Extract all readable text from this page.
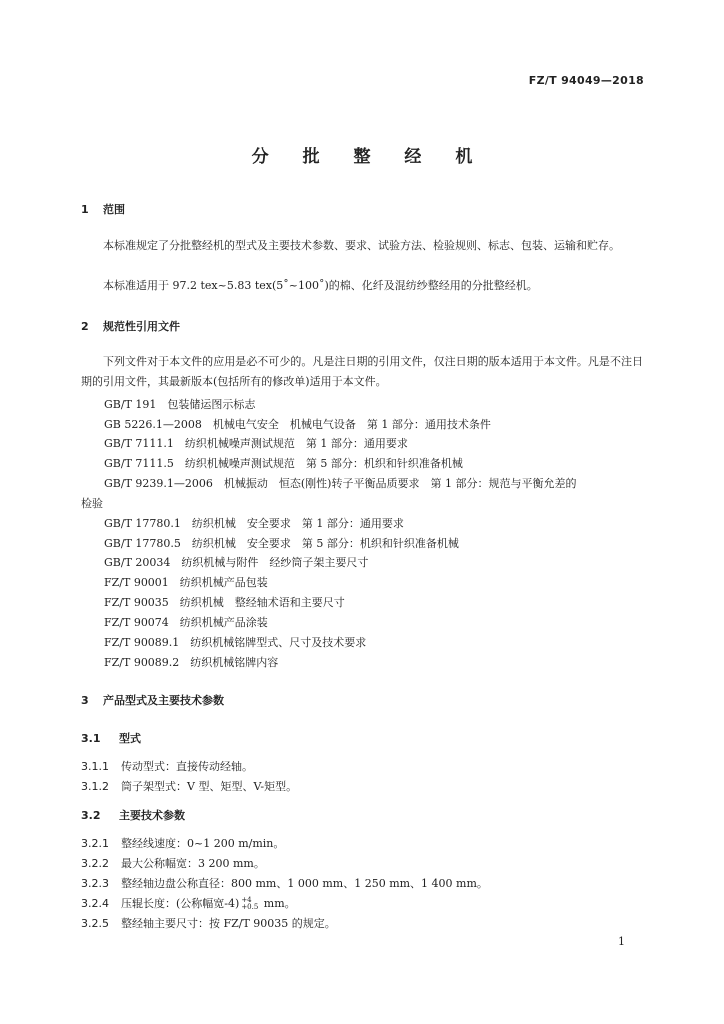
FZ/T 94049—2018
分 批 整 经 机
1 范围
本标准规定了分批整经机的型式及主要技术参数、要求、试验方法、检验规则、标志、包装、运输和贮存。
本标准适用于 97.2 tex~5.83 tex(5˚~100˚)的棉、化纤及混纺纱整经用的分批整经机。
2 规范性引用文件
下列文件对于本文件的应用是必不可少的。凡是注日期的引用文件，仅注日期的版本适用于本文件。凡是不注日期的引用文件，其最新版本(包括所有的修改单)适用于本文件。
GB/T 191　包装储运图示标志
GB 5226.1—2008　机械电气安全　机械电气设备　第 1 部分：通用技术条件
GB/T 7111.1　纺织机械噪声测试规范　第 1 部分：通用要求
GB/T 7111.5　纺织机械噪声测试规范　第 5 部分：机织和针织准备机械
GB/T 9239.1—2006　机械振动　恒态(刚性)转子平衡品质要求　第 1 部分：规范与平衡允差的
检验
GB/T 17780.1　纺织机械　安全要求　第 1 部分：通用要求
GB/T 17780.5　纺织机械　安全要求　第 5 部分：机织和针织准备机械
GB/T 20034　纺织机械与附件　经纱筒子架主要尺寸
FZ/T 90001　纺织机械产品包装
FZ/T 90035　纺织机械　整经轴术语和主要尺寸
FZ/T 90074　纺织机械产品涂装
FZ/T 90089.1　纺织机械铭牌型式、尺寸及技术要求
FZ/T 90089.2　纺织机械铭牌内容
3 产品型式及主要技术参数
3.1 型式
3.1.1 传动型式：直接传动经轴。
3.1.2 筒子架型式：V 型、矩型、V-矩型。
3.2 主要技术参数
3.2.1 整经线速度：0~1 200 m/min。
3.2.2 最大公称幅宽：3 200 mm。
3.2.3 整经轴边盘公称直径：800 mm、1 000 mm、1 250 mm、1 400 mm。
3.2.4 压辊长度：(公称幅宽-4) +4
+0.5 mm。
3.2.5 整经轴主要尺寸：按 FZ/T 90035 的规定。
1
